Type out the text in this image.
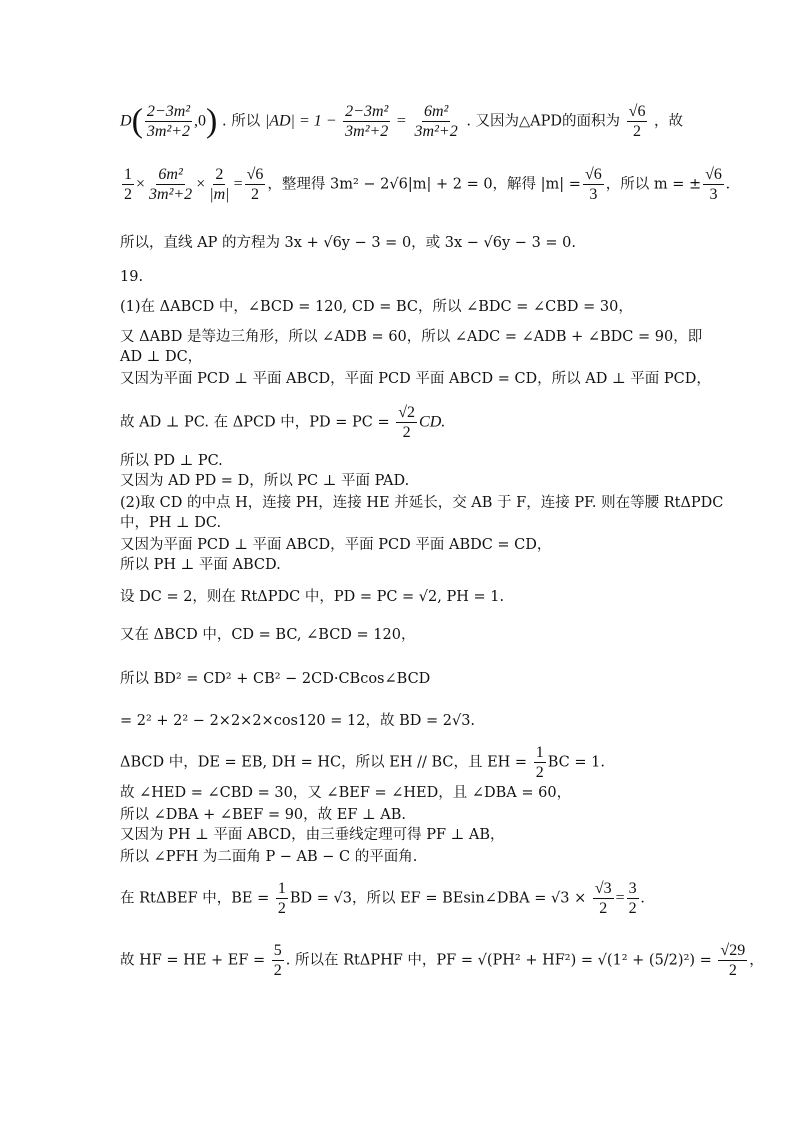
$D( \frac{\text{2−3m²}}{\text{3m²+2}} ,0)$ . 所以 $|AD| = 1 - \frac{\text{2−3m²}}{\text{3m²+2}} = \frac{\text{6m²}}{\text{3m²+2}}$ . 又因为△APD的面积为 $\frac{√6}{2}$ ，故
$\frac{1}{2} \times \frac{\text{6m²}}{\text{3m²+2}} \times \frac{2}{|m|} = \frac{√6}{2}$ ，整理得 3m² − 2√6|m| + 2 = 0，解得 $|m| = \frac{√6}{3}$ ，所以 m = ± $\frac{√6}{3}$ .
所以，直线 AP 的方程为 3x + √6y − 3 = 0，或 3x − √6y − 3 = 0.
19.
(1)在 ΔABCD 中，∠BCD = 120, CD = BC，所以 ∠BDC = ∠CBD = 30，
又 ΔABD 是等边三角形，所以 ∠ADB = 60，所以 ∠ADC = ∠ADB + ∠BDC = 90，即
AD ⊥ DC，
又因为平面 PCD ⊥ 平面 ABCD，平面 PCD 平面 ABCD = CD，所以 AD ⊥ 平面 PCD，
故 AD ⊥ PC. 在 ΔPCD 中，PD = PC = $\frac{√2}{2}$ CD.
所以 PD ⊥ PC.
又因为 AD PD = D，所以 PC ⊥ 平面 PAD.
(2)取 CD 的中点 H，连接 PH，连接 HE 并延长，交 AB 于 F，连接 PF. 则在等腰 RtΔPDC
中，PH ⊥ DC.
又因为平面 PCD ⊥ 平面 ABCD，平面 PCD 平面 ABDC = CD，
所以 PH ⊥ 平面 ABCD.
设 DC = 2，则在 RtΔPDC 中，PD = PC = √2, PH = 1.
又在 ΔBCD 中，CD = BC, ∠BCD = 120，
所以 BD² = CD² + CB² − 2CD·CBcos∠BCD
= 2² + 2² − 2×2×2×cos120 = 12，故 BD = 2√3.
ΔBCD 中，DE = EB, DH = HC，所以 EH // BC，且 EH = $\frac{1}{2}$ BC = 1.
故 ∠HED = ∠CBD = 30，又 ∠BEF = ∠HED，且 ∠DBA = 60，
所以 ∠DBA + ∠BEF = 90，故 EF ⊥ AB.
又因为 PH ⊥ 平面 ABCD，由三垂线定理可得 PF ⊥ AB，
所以 ∠PFH 为二面角 P − AB − C 的平面角.
在 RtΔBEF 中，BE = $\frac{1}{2}$ BD = √3，所以 EF = BEsin∠DBA = $√3 \times \frac{√3}{2} = \frac{3}{2}$ .
故 HF = HE + EF = $\frac{5}{2}$ . 所以在 RtΔPHF 中，PF = $√(PH^2 + HF^2) = √(1^2 + (5/2)^2) = \frac{√29}{2}$ ，
